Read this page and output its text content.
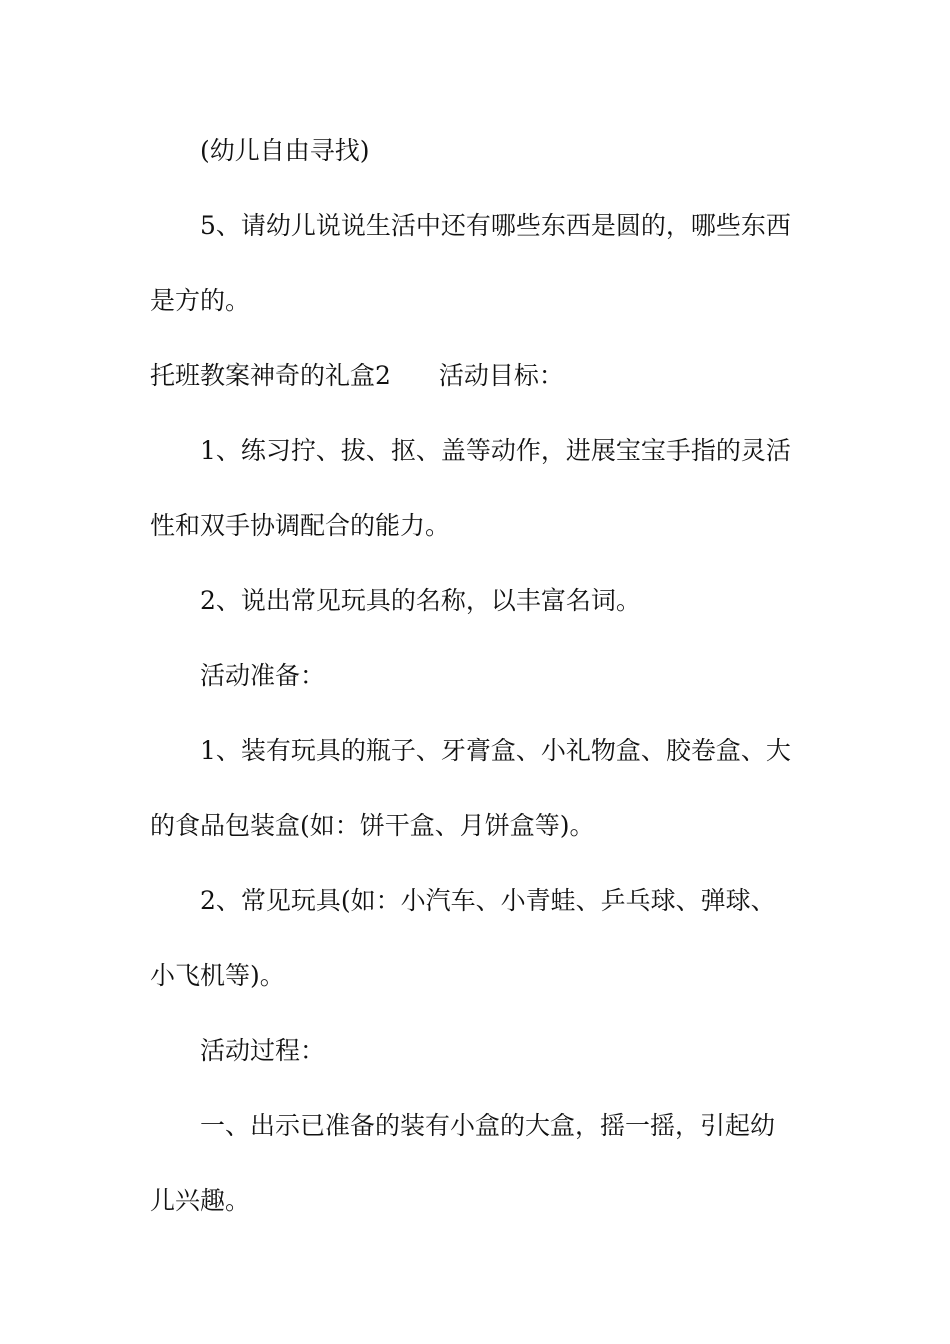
(幼儿自由寻找)
5、请幼儿说说生活中还有哪些东西是圆的，哪些东西
是方的。
托班教案神奇的礼盒2 活动目标：
1、练习拧、拔、抠、盖等动作，进展宝宝手指的灵活
性和双手协调配合的能力。
2、说出常见玩具的名称，以丰富名词。
活动准备：
1、装有玩具的瓶子、牙膏盒、小礼物盒、胶卷盒、大
的食品包装盒(如：饼干盒、月饼盒等)。
2、常见玩具(如：小汽车、小青蛙、乒乓球、弹球、
小飞机等)。
活动过程：
一、出示已准备的装有小盒的大盒，摇一摇，引起幼
儿兴趣。
